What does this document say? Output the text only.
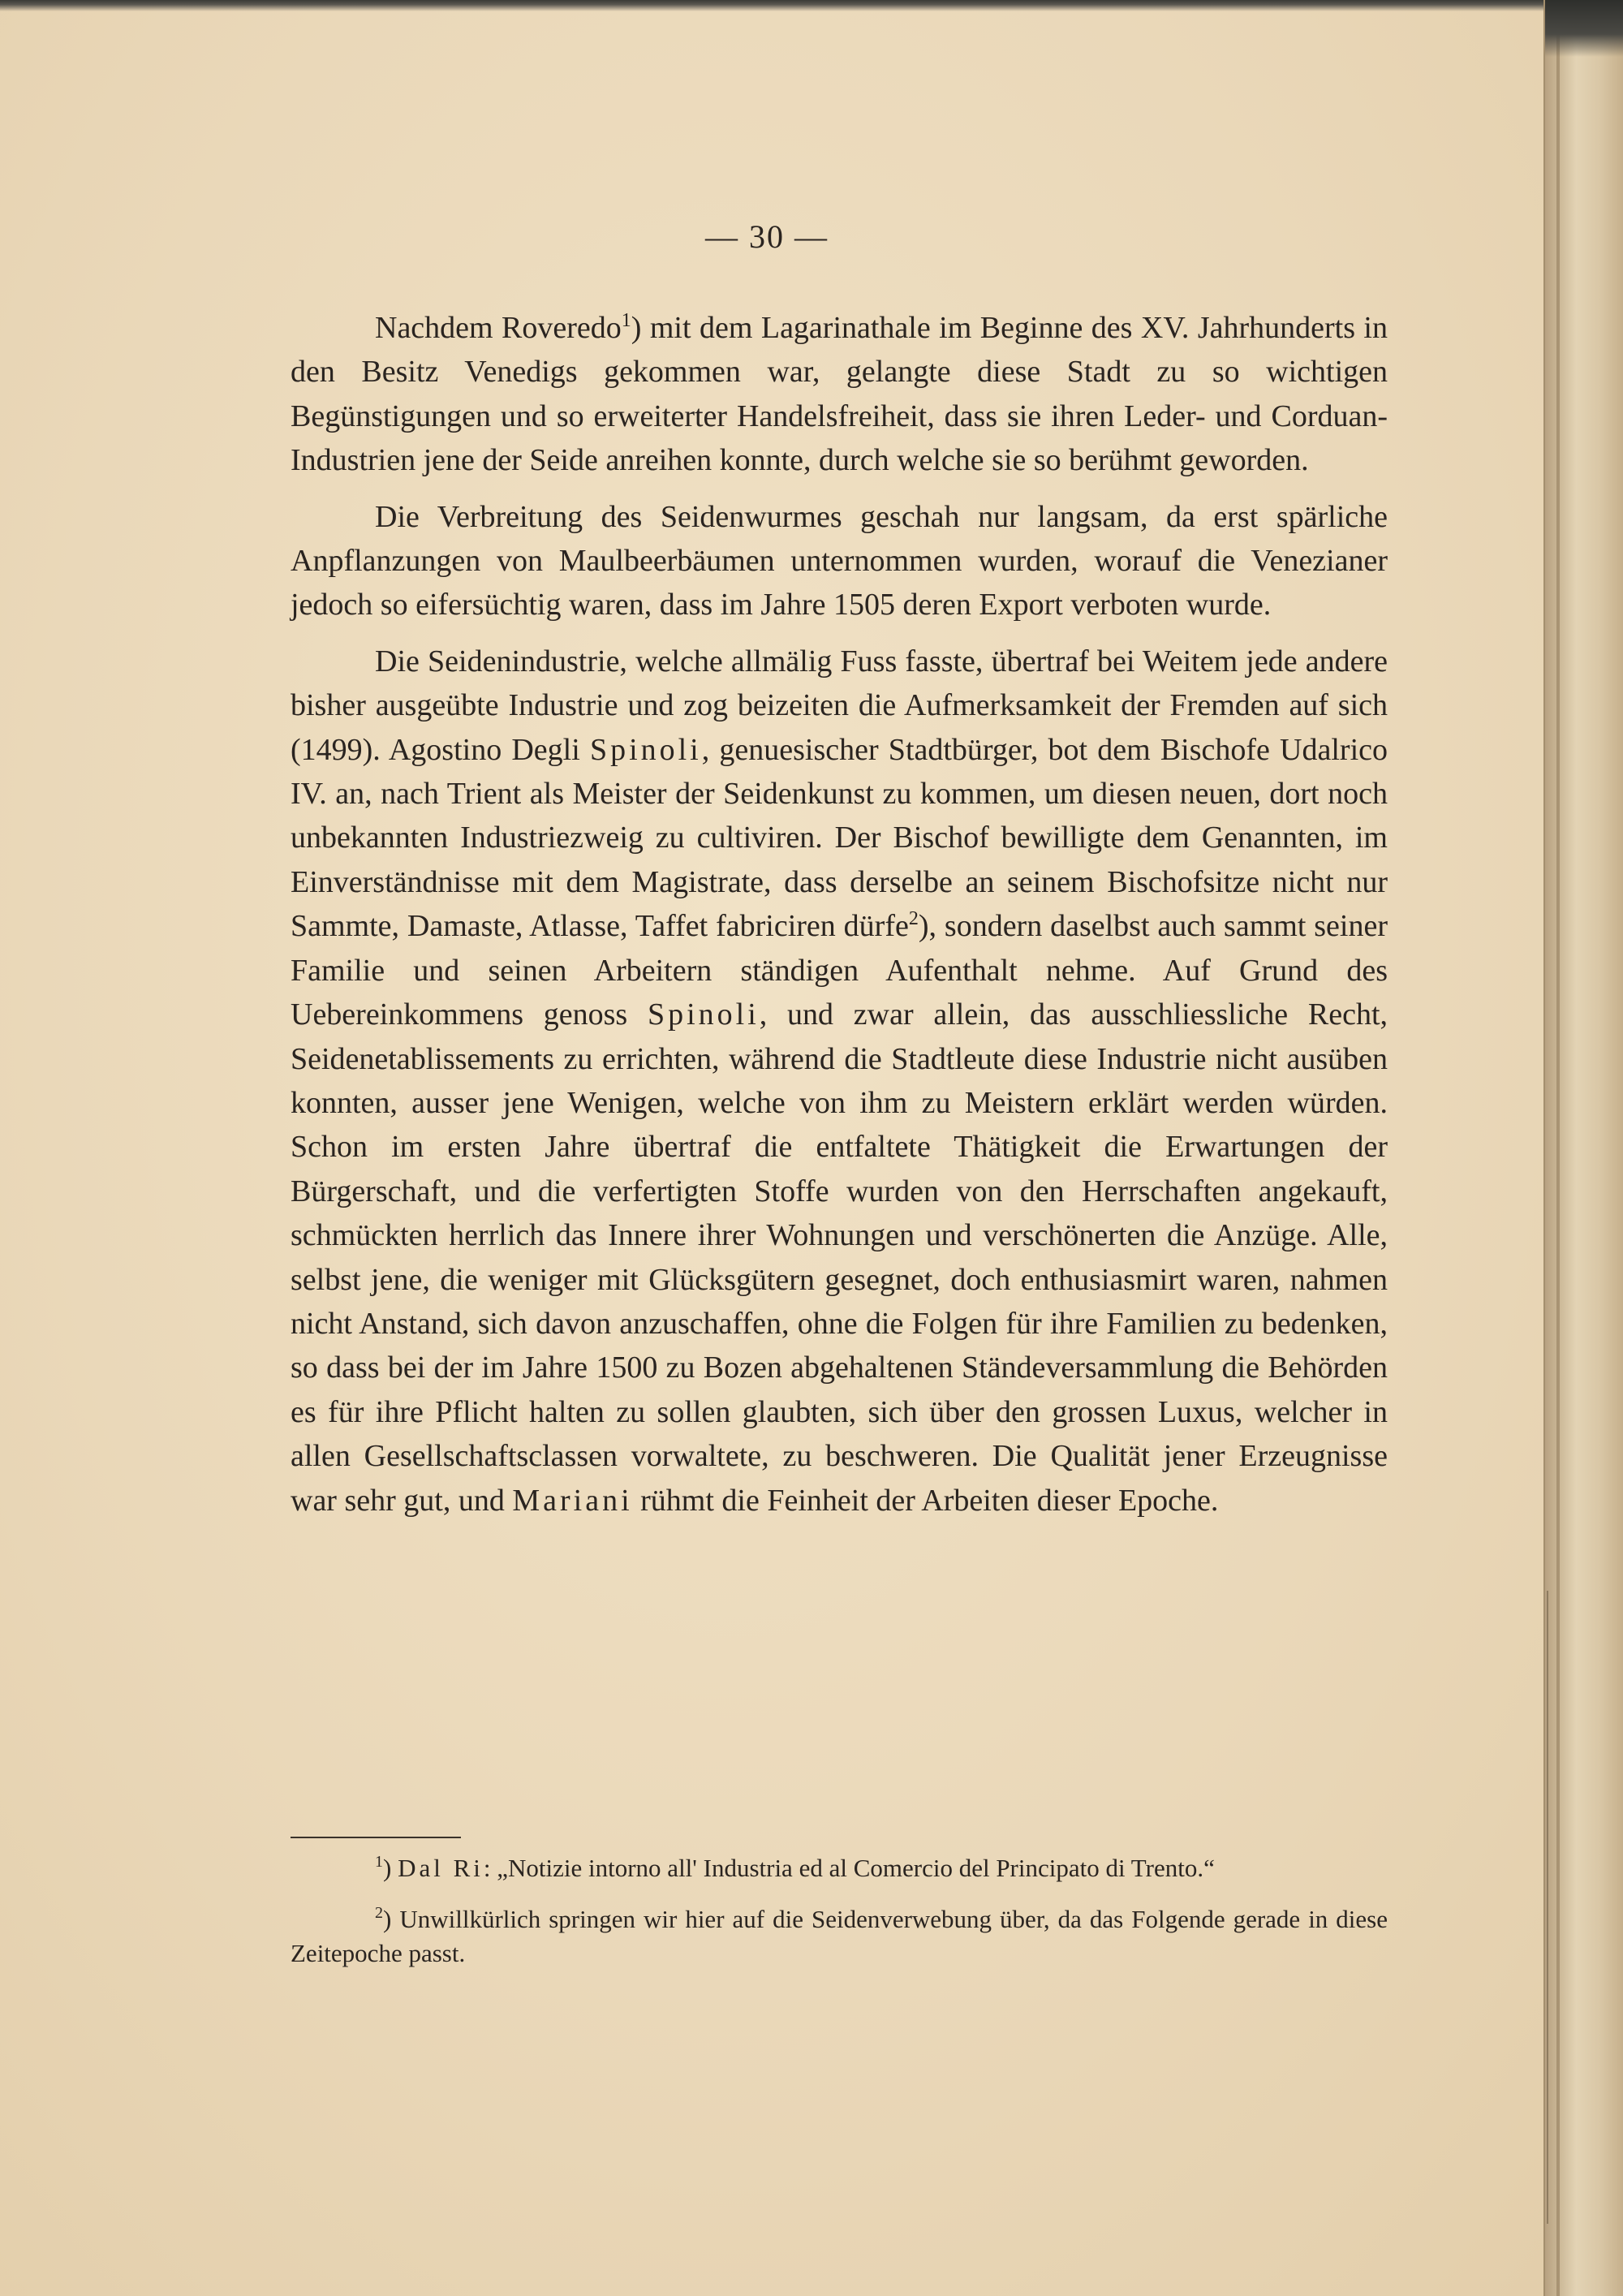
— 30 —

Nachdem Roveredo$^1$) mit dem Lagarinathale im Beginne des XV. Jahrhunderts in den Besitz Venedigs gekommen war, gelangte diese Stadt zu so wichtigen Begünstigungen und so erweiterter Handelsfreiheit, dass sie ihren Leder- und Corduan-Industrien jene der Seide anreihen konnte, durch welche sie so berühmt geworden.

Die Verbreitung des Seidenwurmes geschah nur langsam, da erst spärliche Anpflanzungen von Maulbeerbäumen unternommen wurden, worauf die Venezianer jedoch so eifersüchtig waren, dass im Jahre 1505 deren Export verboten wurde.

Die Seidenindustrie, welche allmälig Fuss fasste, übertraf bei Weitem jede andere bisher ausgeübte Industrie und zog beizeiten die Aufmerksamkeit der Fremden auf sich (1499). Agostino Degli Spinoli, genuesischer Stadtbürger, bot dem Bischofe Udalrico IV. an, nach Trient als Meister der Seidenkunst zu kommen, um diesen neuen, dort noch unbekannten Industriezweig zu cultiviren. Der Bischof bewilligte dem Genannten, im Einverständnisse mit dem Magistrate, dass derselbe an seinem Bischofsitze nicht nur Sammte, Damaste, Atlasse, Taffet fabriciren dürfe$^2$), sondern daselbst auch sammt seiner Familie und seinen Arbeitern ständigen Aufenthalt nehme. Auf Grund des Uebereinkommens genoss Spinoli, und zwar allein, das ausschliessliche Recht, Seidenetablissements zu errichten, während die Stadtleute diese Industrie nicht ausüben konnten, ausser jene Wenigen, welche von ihm zu Meistern erklärt werden würden. Schon im ersten Jahre übertraf die entfaltete Thätigkeit die Erwartungen der Bürgerschaft, und die verfertigten Stoffe wurden von den Herrschaften angekauft, schmückten herrlich das Innere ihrer Wohnungen und verschönerten die Anzüge. Alle, selbst jene, die weniger mit Glücksgütern gesegnet, doch enthusiasmirt waren, nahmen nicht Anstand, sich davon anzuschaffen, ohne die Folgen für ihre Familien zu bedenken, so dass bei der im Jahre 1500 zu Bozen abgehaltenen Ständeversammlung die Behörden es für ihre Pflicht halten zu sollen glaubten, sich über den grossen Luxus, welcher in allen Gesellschaftsclassen vorwaltete, zu beschweren. Die Qualität jener Erzeugnisse war sehr gut, und Mariani rühmt die Feinheit der Arbeiten dieser Epoche.

$^1$) Dal Ri: „Notizie intorno all' Industria ed al Comercio del Principato di Trento.“

$^2$) Unwillkürlich springen wir hier auf die Seidenverwebung über, da das Folgende gerade in diese Zeitepoche passt.
